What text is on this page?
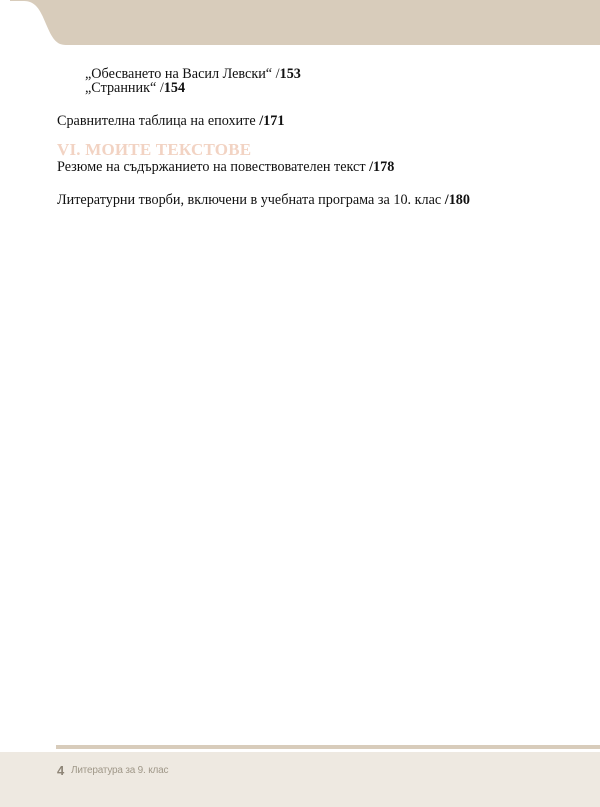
„Обесването на Васил Левски“ /153
„Странник“ /154
Сравнителна таблица на епохите /171
VI. МОИТЕ ТЕКСТОВЕ
Резюме на съдържанието на повествователен текст /178
Литературни творби, включени в учебната програма за 10. клас /180
4 Литература за 9. клас
